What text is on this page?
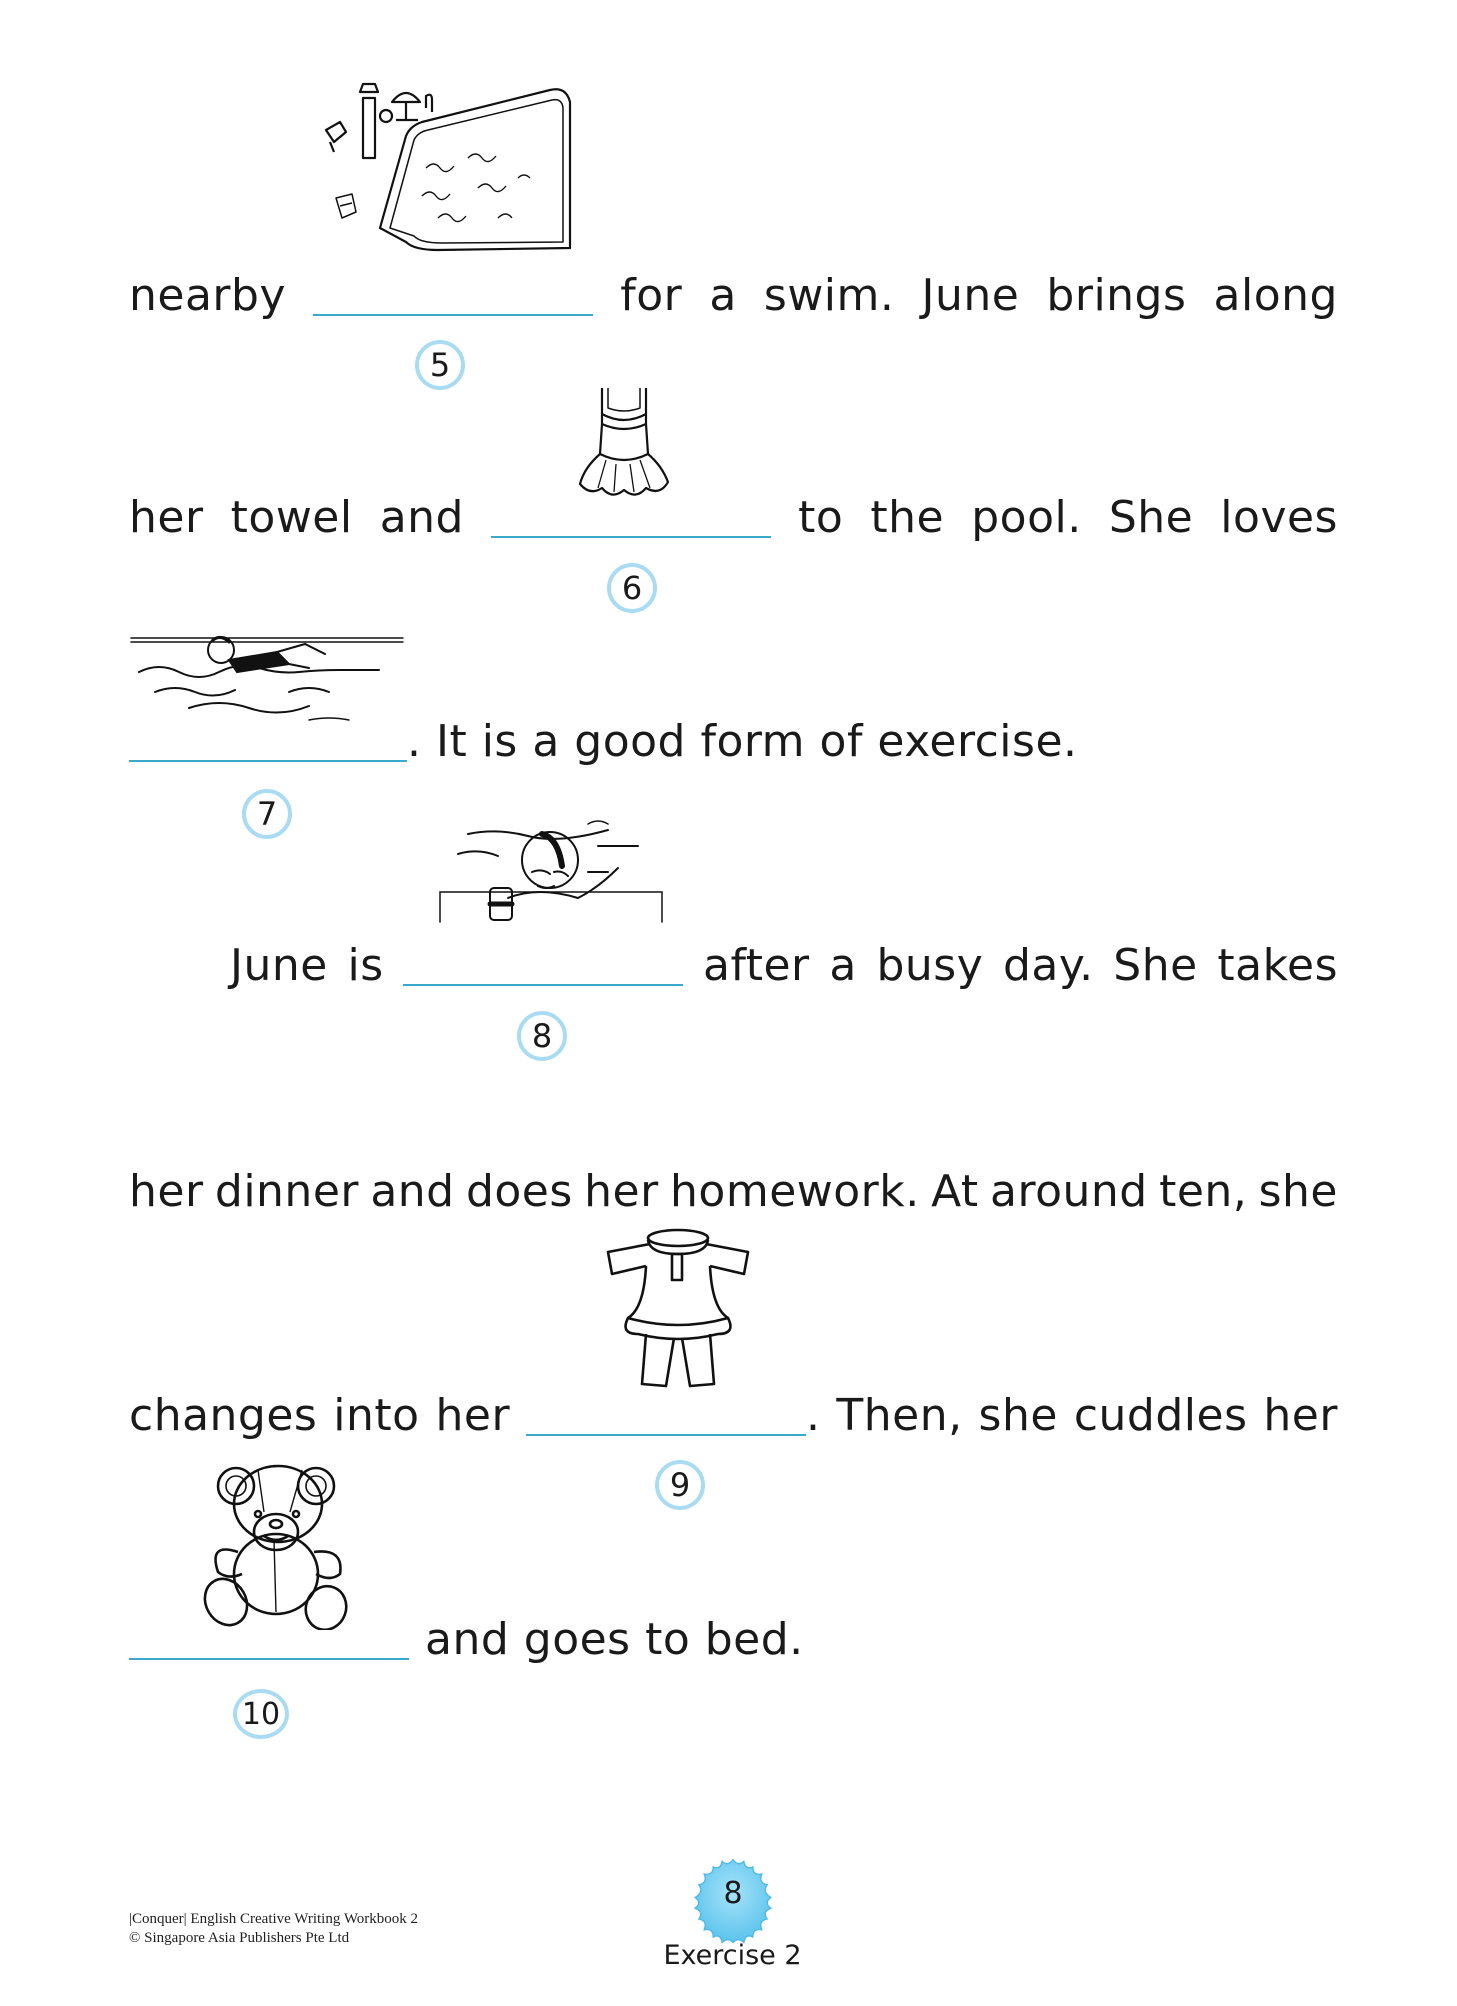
nearby	for a swim. June brings along
5
her towel and	to the pool. She loves
6
. It is a good form of exercise.
7
June is	after a busy day. She takes
8
her dinner and does her homework. At around ten, she
changes into her	. Then, she cuddles her
9
and goes to bed.
10
|Conquer| English Creative Writing Workbook 2
© Singapore Asia Publishers Pte Ltd
8
Exercise 2
